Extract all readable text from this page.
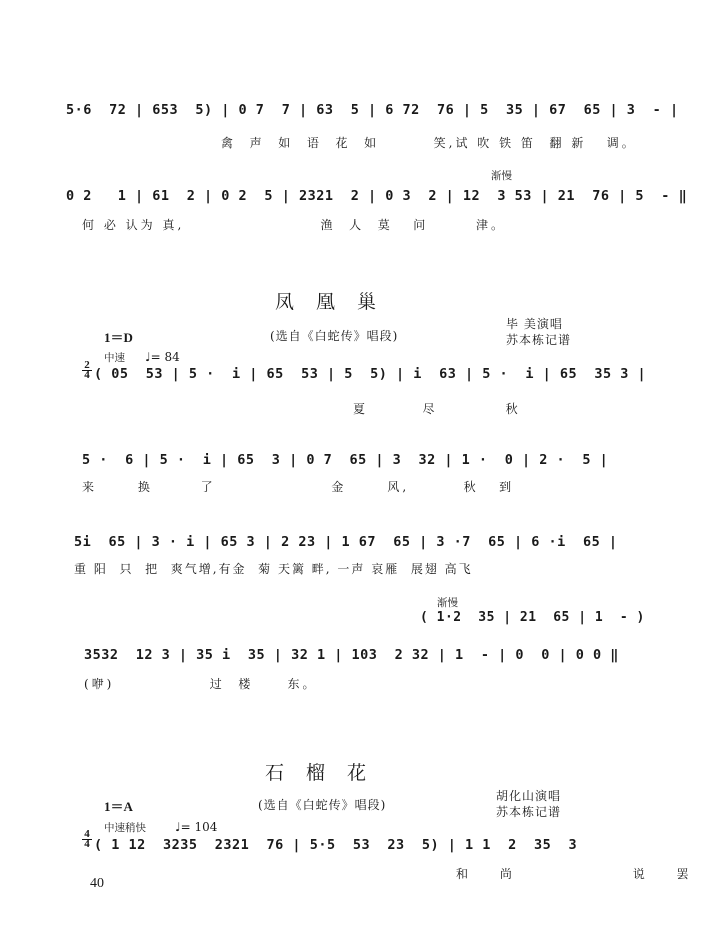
5·6  72 | 653  5) | 0 7  7 | 63  5 | 6 72  76 | 5  35 | 67  65 | 3  - |
禽  声  如  语  花  如        笑,试 吹 铁 笛  翻 新   调。
渐慢
0 2   1 | 61  2 | 0 2  5 | 2321  2 | 0 3  2 | 12  3 53 | 21  76 | 5  - ‖
何 必 认为 真,                    渔  人  莫   问       津。
凤凰巢
1＝D	(选自《白蛇传》唱段)
毕 美演唱
苏本栋记谱
中速 ♩= 84
2
4 ( 05  53 | 5 ·  i | 65  53 | 5  5) | i  63 | 5 ·  i | 65  35 3 |
夏        尽          秋
5 ·  6 | 5 ·  i | 65  3 | 0 7  65 | 3  32 | 1 ·  0 | 2 ·  5 |
来      换       了                 金      风,        秋   到
5i  65 | 3 · i | 65 3 | 2 23 | 1 67  65 | 3 ·7  65 | 6 ·i  65 |
重 阳  只  把  爽气增,有金  菊 天篱 畔, 一声 哀雁  展翅 高飞
渐慢
( 1·2  35 | 21  65 | 1  - )
3532  12 3 | 35 i  35 | 32 1 | 103  2 32 | 1  - | 0  0 | 0 0 ‖
(咿)              过  楼     东。
石榴花
1＝A	(选自《白蛇传》唱段)
胡化山演唱
苏本栋记谱
中速稍快 ♩= 104
4
4 ( 1 12  3235  2321  76 | 5·5  53  23  5) | 1 1  2  35  3
和 尚      说 罢
40
